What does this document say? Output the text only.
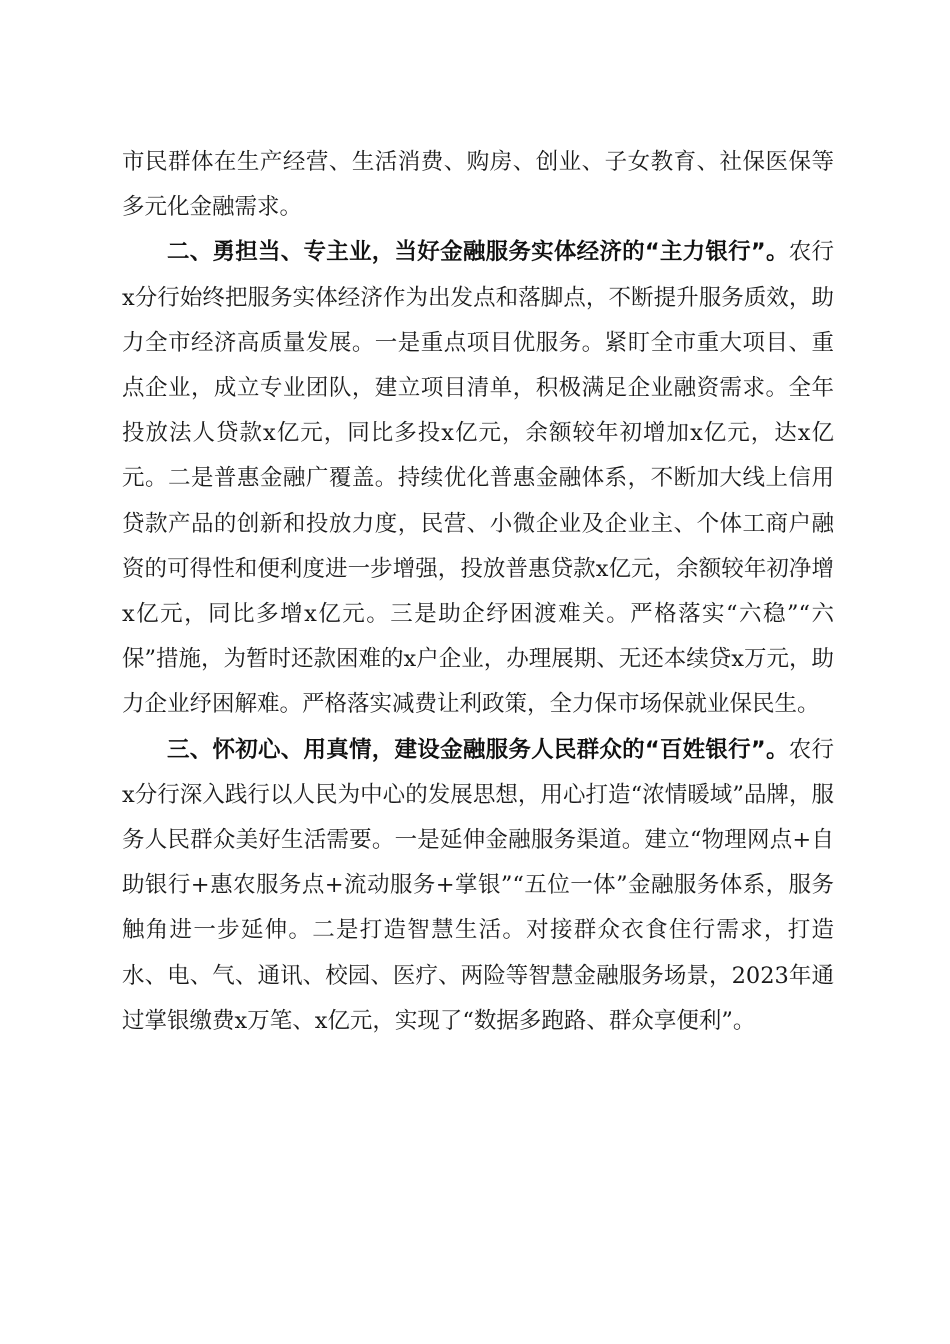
市民群体在生产经营、生活消费、购房、创业、子女教育、社保医保等多元化金融需求。

二、勇担当、专主业，当好金融服务实体经济的“主力银行”。农行x分行始终把服务实体经济作为出发点和落脚点，不断提升服务质效，助力全市经济高质量发展。一是重点项目优服务。紧盯全市重大项目、重点企业，成立专业团队，建立项目清单，积极满足企业融资需求。全年投放法人贷款x亿元，同比多投x亿元，余额较年初增加x亿元，达x亿元。二是普惠金融广覆盖。持续优化普惠金融体系，不断加大线上信用贷款产品的创新和投放力度，民营、小微企业及企业主、个体工商户融资的可得性和便利度进一步增强，投放普惠贷款x亿元，余额较年初净增x亿元，同比多增x亿元。三是助企纾困渡难关。严格落实“六稳”“六保”措施，为暂时还款困难的x户企业，办理展期、无还本续贷x万元，助力企业纾困解难。严格落实减费让利政策，全力保市场保就业保民生。

三、怀初心、用真情，建设金融服务人民群众的“百姓银行”。农行x分行深入践行以人民为中心的发展思想，用心打造“浓情暖域”品牌，服务人民群众美好生活需要。一是延伸金融服务渠道。建立“物理网点+自助银行+惠农服务点+流动服务+掌银”“五位一体”金融服务体系，服务触角进一步延伸。二是打造智慧生活。对接群众衣食住行需求，打造水、电、气、通讯、校园、医疗、两险等智慧金融服务场景，2023年通过掌银缴费x万笔、x亿元，实现了“数据多跑路、群众享便利”。
